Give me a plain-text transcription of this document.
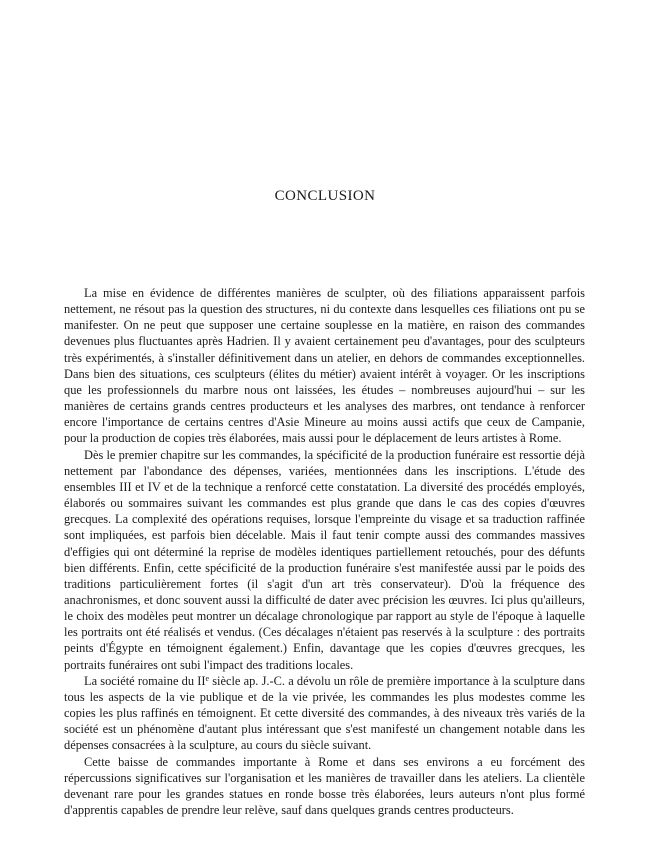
CONCLUSION

La mise en évidence de différentes manières de sculpter, où des filiations apparaissent parfois nettement, ne résout pas la question des structures, ni du contexte dans lesquelles ces filiations ont pu se manifester. On ne peut que supposer une certaine souplesse en la matière, en raison des commandes devenues plus fluctuantes après Hadrien. Il y avaient certainement peu d'avantages, pour des sculpteurs très expérimentés, à s'installer définitivement dans un atelier, en dehors de commandes exceptionnelles. Dans bien des situations, ces sculpteurs (élites du métier) avaient intérêt à voyager. Or les inscriptions que les professionnels du marbre nous ont laissées, les études – nombreuses aujourd'hui – sur les manières de certains grands centres producteurs et les analyses des marbres, ont tendance à renforcer encore l'importance de certains centres d'Asie Mineure au moins aussi actifs que ceux de Campanie, pour la production de copies très élaborées, mais aussi pour le déplacement de leurs artistes à Rome.

Dès le premier chapitre sur les commandes, la spécificité de la production funéraire est ressortie déjà nettement par l'abondance des dépenses, variées, mentionnées dans les inscriptions. L'étude des ensembles III et IV et de la technique a renforcé cette constatation. La diversité des procédés employés, élaborés ou sommaires suivant les commandes est plus grande que dans le cas des copies d'œuvres grecques. La complexité des opérations requises, lorsque l'empreinte du visage et sa traduction raffinée sont impliquées, est parfois bien décelable. Mais il faut tenir compte aussi des commandes massives d'effigies qui ont déterminé la reprise de modèles identiques partiellement retouchés, pour des défunts bien différents. Enfin, cette spécificité de la production funéraire s'est manifestée aussi par le poids des traditions particulièrement fortes (il s'agit d'un art très conservateur). D'où la fréquence des anachronismes, et donc souvent aussi la difficulté de dater avec précision les œuvres. Ici plus qu'ailleurs, le choix des modèles peut montrer un décalage chronologique par rapport au style de l'époque à laquelle les portraits ont été réalisés et vendus. (Ces décalages n'étaient pas reservés à la sculpture : des portraits peints d'Égypte en témoignent également.) Enfin, davantage que les copies d'œuvres grecques, les portraits funéraires ont subi l'impact des traditions locales.

La société romaine du IIe siècle ap. J.-C. a dévolu un rôle de première importance à la sculpture dans tous les aspects de la vie publique et de la vie privée, les commandes les plus modestes comme les copies les plus raffinés en témoignent. Et cette diversité des commandes, à des niveaux très variés de la société est un phénomène d'autant plus intéressant que s'est manifesté un changement notable dans les dépenses consacrées à la sculpture, au cours du siècle suivant.

Cette baisse de commandes importante à Rome et dans ses environs a eu forcément des répercussions significatives sur l'organisation et les manières de travailler dans les ateliers. La clientèle devenant rare pour les grandes statues en ronde bosse très élaborées, leurs auteurs n'ont plus formé d'apprentis capables de prendre leur relève, sauf dans quelques grands centres producteurs.
